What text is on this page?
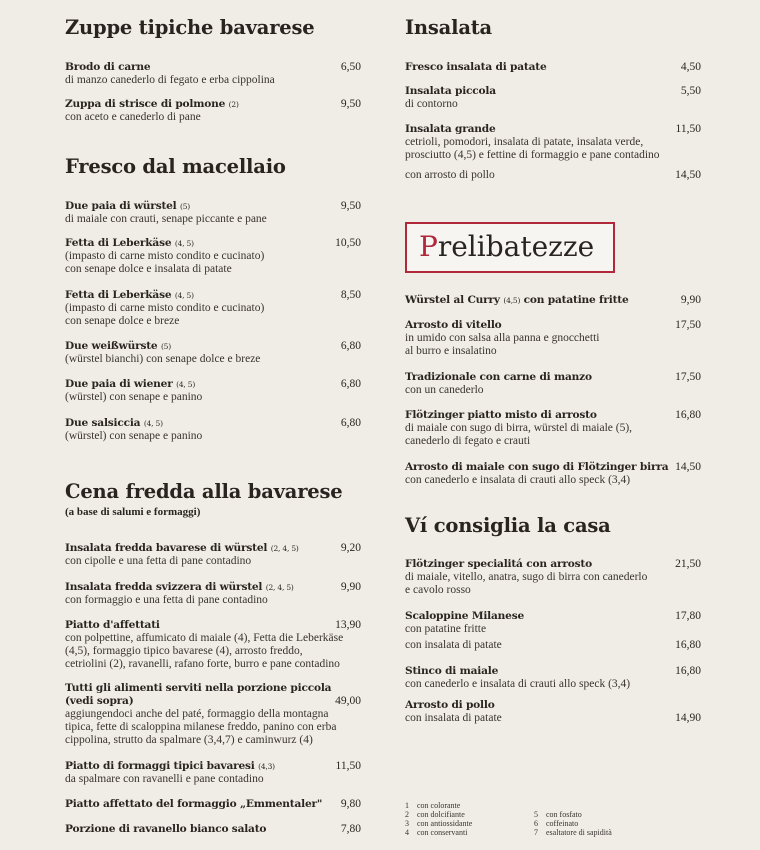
Zuppe tipiche bavarese
Brodo di carne	6,50
di manzo canederlo di fegato e erba cippolina
Zuppa di strisce di polmone (2)	9,50
con aceto e canederlo di pane
Fresco dal macellaio
Due paia di würstel (5)	9,50
di maiale con crauti, senape piccante e pane
Fetta di Leberkäse (4, 5)	10,50
(impasto di carne misto condito e cucinato)
con senape dolce e insalata di patate
Fetta di Leberkäse (4, 5)	8,50
(impasto di carne misto condito e cucinato)
con senape dolce e breze
Due weißwürste (5)	6,80
(würstel bianchi) con senape dolce e breze
Due paia di wiener (4, 5)	6,80
(würstel) con senape e panino
Due salsiccia (4, 5)	6,80
(würstel) con senape e panino
Cena fredda alla bavarese
(a base di salumi e formaggi)
Insalata fredda bavarese di würstel (2, 4, 5)	9,20
con cipolle e una fetta di pane contadino
Insalata fredda svizzera di würstel (2, 4, 5)	9,90
con formaggio e una fetta di pane contadino
Piatto d'affettati	13,90
con polpettine, affumicato di maiale (4), Fetta die Leberkäse
(4,5), formaggio tipico bavarese (4), arrosto freddo,
cetriolini (2), ravanelli, rafano forte, burro e pane contadino
Tutti gli alimenti serviti nella porzione piccola
(vedi sopra)	49,00
aggiungendoci anche del paté, formaggio della montagna
tipica, fette di scaloppina milanese freddo, panino con erba
cippolina, strutto da spalmare (3,4,7) e caminwurz (4)
Piatto di formaggi tipici bavaresi (4,3)	11,50
da spalmare con ravanelli e pane contadino
Piatto affettato del formaggio „Emmentaler" 9,80
Porzione di ravanello bianco salato	7,80
Insalata
Fresco insalata di patate	4,50
Insalata piccola	5,50
di contorno
Insalata grande	11,50
cetrioli, pomodori, insalata di patate, insalata verde,
prosciutto (4,5) e fettine di formaggio e pane contadino
con arrosto di pollo	14,50
Prelibatezze
Würstel al Curry (4,5) con patatine fritte	9,90
Arrosto di vitello	17,50
in umido con salsa alla panna e gnocchetti
al burro e insalatino
Tradizionale con carne di manzo	17,50
con un canederlo
Flötzinger piatto misto di arrosto	16,80
di maiale con sugo di birra, würstel di maiale (5),
canederlo di fegato e crauti
Arrosto di maiale con sugo di Flötzinger birra 14,50
con canederlo e insalata di crauti allo speck (3,4)
Ví consiglia la casa
Flötzinger specialitá con arrosto	21,50
di maiale, vitello, anatra, sugo di birra con canederlo
e cavolo rosso
Scaloppine Milanese	17,80
con patatine fritte
con insalata di patate	16,80
Stinco di maiale	16,80
con canederlo e insalata di crauti allo speck (3,4)
Arrosto di pollo
con insalata di patate	14,90
1 con colorante
2 con dolcifiante
3 con antiossidante
4 con conservanti
5 con fosfato
6 coffeinato
7 esaltatore di sapidità
